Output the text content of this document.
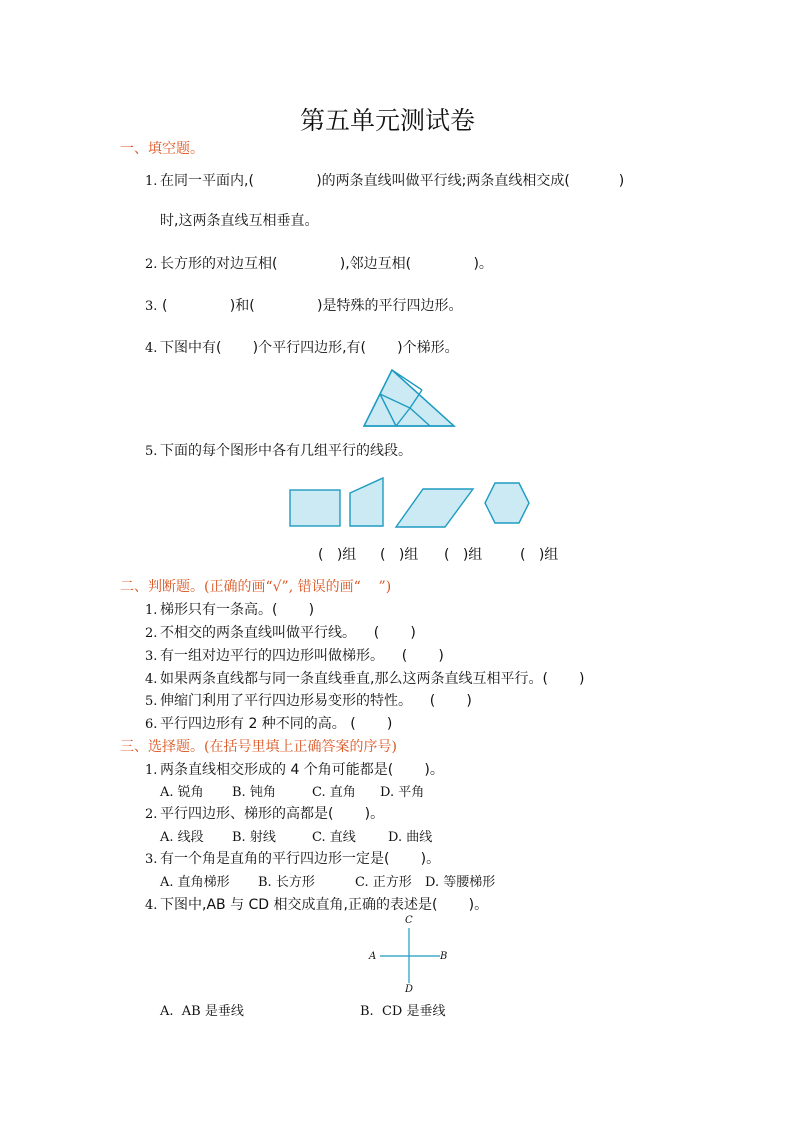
第五单元测试卷
一、填空题。
1. 在同一平面内,(              )的两条直线叫做平行线;两条直线相交成(           )
时,这两条直线互相垂直。
2. 长方形的对边互相(              ),邻边互相(              )。
3. (              )和(              )是特殊的平行四边形。
4. 下图中有(       )个平行四边形,有(       )个梯形。
5. 下面的每个图形中各有几组平行的线段。
(   )组 (   )组 (   )组	(   )组
二、判断题。(正确的画“√”, 错误的画“    ”)
1. 梯形只有一条高。(       )
2. 不相交的两条直线叫做平行线。    (       )
3. 有一组对边平行的四边形叫做梯形。    (       )
4. 如果两条直线都与同一条直线垂直,那么这两条直线互相平行。(       )
5. 伸缩门利用了平行四边形易变形的特性。    (       )
6. 平行四边形有 2 种不同的高。 (       )
三、选择题。(在括号里填上正确答案的序号)
1. 两条直线相交形成的 4 个角可能都是(       )。
A. 锐角 B. 钝角	C. 直角 D. 平角
2. 平行四边形、梯形的高都是(       )。
A. 线段 B. 射线	C. 直线 D. 曲线
3. 有一个角是直角的平行四边形一定是(       )。
A. 直角梯形 B. 长方形	C. 正方形 D. 等腰梯形
4. 下图中,AB 与 CD 相交成直角,正确的表述是(       )。
C
A	B
D
A.  AB 是垂线	B.  CD 是垂线
